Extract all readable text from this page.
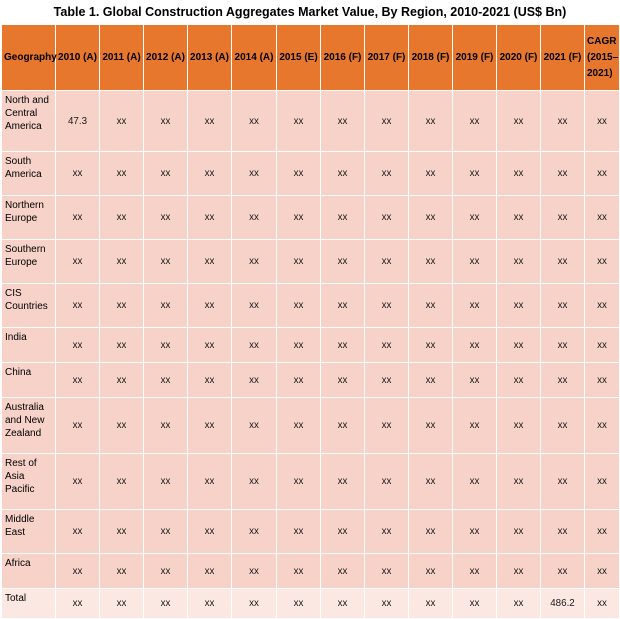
Table 1. Global Construction Aggregates Market Value, By Region, 2010-2021 (US$ Bn)
Geography	2010 (A)	2011 (A)	2012 (A)	2013 (A)	2014 (A)	2015 (E)	2016 (F)	2017 (F)	2018 (F)	2019 (F)	2020 (F)	2021 (F)	CAGR
(2015–2021)
North and Central America	47.3	xx	xx	xx	xx	xx	xx	xx	xx	xx	xx	xx	xx
South America	xx	xx	xx	xx	xx	xx	xx	xx	xx	xx	xx	xx	xx
Northern Europe	xx	xx	xx	xx	xx	xx	xx	xx	xx	xx	xx	xx	xx
Southern Europe	xx	xx	xx	xx	xx	xx	xx	xx	xx	xx	xx	xx	xx
CIS Countries	xx	xx	xx	xx	xx	xx	xx	xx	xx	xx	xx	xx	xx
India	xx	xx	xx	xx	xx	xx	xx	xx	xx	xx	xx	xx	xx
China	xx	xx	xx	xx	xx	xx	xx	xx	xx	xx	xx	xx	xx
Australia and New Zealand	xx	xx	xx	xx	xx	xx	xx	xx	xx	xx	xx	xx	xx
Rest of Asia Pacific	xx	xx	xx	xx	xx	xx	xx	xx	xx	xx	xx	xx	xx
Middle East	xx	xx	xx	xx	xx	xx	xx	xx	xx	xx	xx	xx	xx
Africa	xx	xx	xx	xx	xx	xx	xx	xx	xx	xx	xx	xx	xx
Total	xx	xx	xx	xx	xx	xx	xx	xx	xx	xx	xx	486.2	xx
